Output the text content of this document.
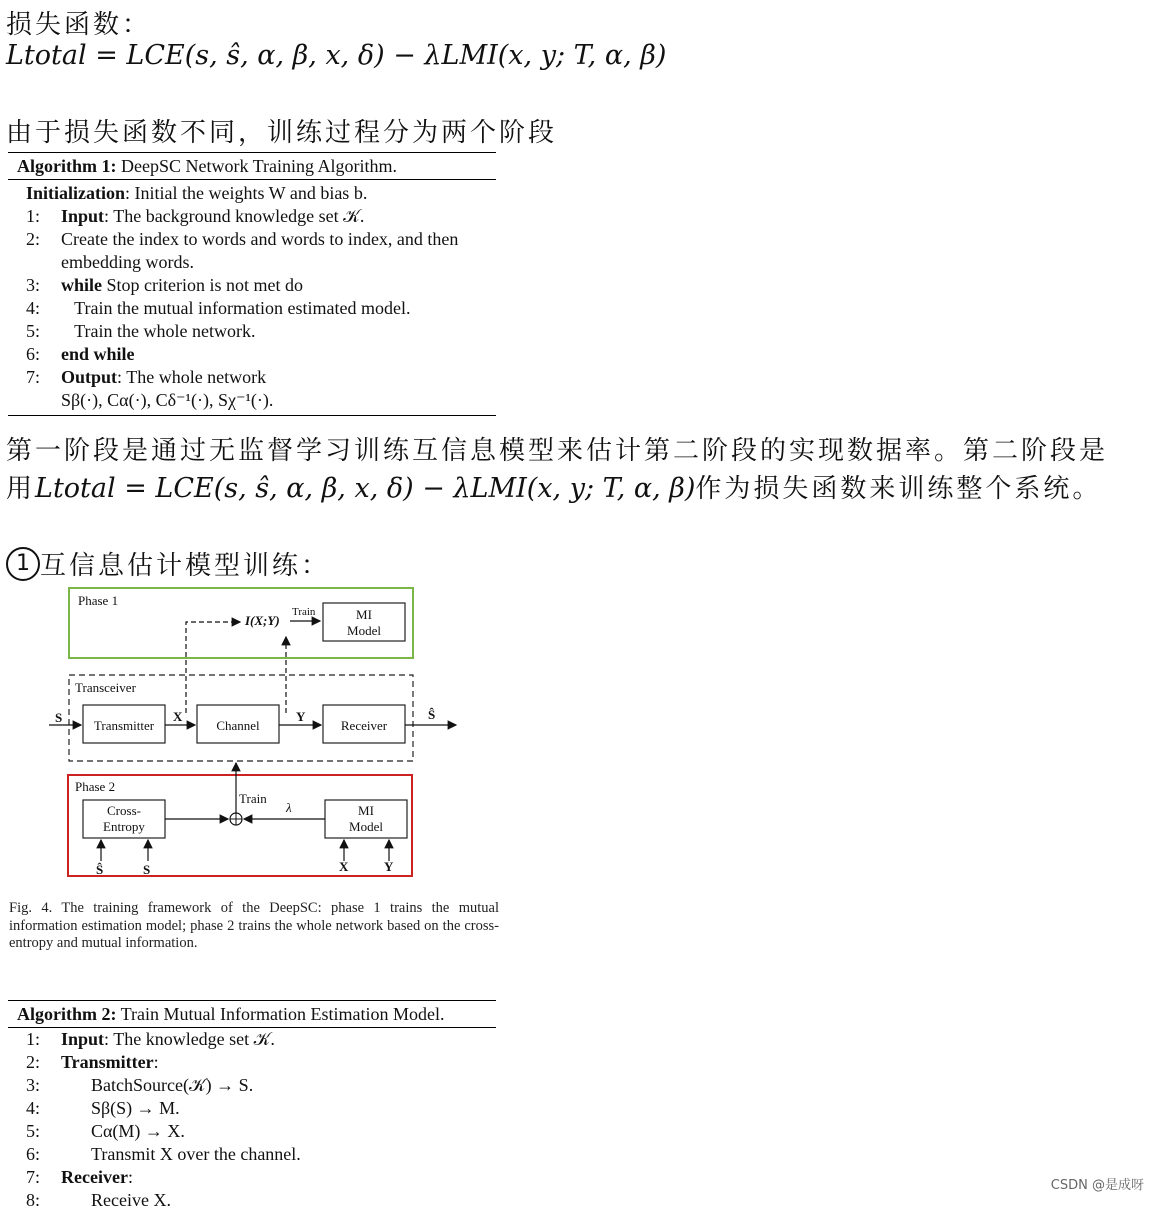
损失函数：
Ltotal = LCE(s, ŝ, α, β, x, δ) − λLMI(x, y; T, α, β)
由于损失函数不同，训练过程分为两个阶段
Algorithm 1: DeepSC Network Training Algorithm.
Initialization: Initial the weights W and bias b.
1:	Input: The background knowledge set 𝒦.
2:	Create the index to words and words to index, and then
embedding words.
3:	while Stop criterion is not met do
4:	Train the mutual information estimated model.
5:	Train the whole network.
6:	end while
7:	Output: The whole network
Sβ(·), Cα(·), Cδ⁻¹(·), Sχ⁻¹(·).
第一阶段是通过无监督学习训练互信息模型来估计第二阶段的实现数据率。第二阶段是
用Ltotal = LCE(s, ŝ, α, β, x, δ) − λLMI(x, y; T, α, β)作为损失函数来训练整个系统。
1 互信息估计模型训练：
Phase 1
MI
Model
I(X;Y)
Train
Transceiver
S
Transmitter
X
Channel
Y
Receiver
Ŝ
Phase 2
Cross-
Entropy
Train
MI
Model
λ
Ŝ	S	X	Y
Fig. 4. The training framework of the DeepSC: phase 1 trains the mutual information estimation model; phase 2 trains the whole network based on the cross-entropy and mutual information.
Algorithm 2: Train Mutual Information Estimation Model.
1:	Input: The knowledge set 𝒦.
2:	Transmitter:
3:	BatchSource(𝒦) → S.
4:	Sβ(S) → M.
5:	Cα(M) → X.
6:	Transmit X over the channel.
7:	Receiver:
8:	Receive X.
CSDN @是成呀
